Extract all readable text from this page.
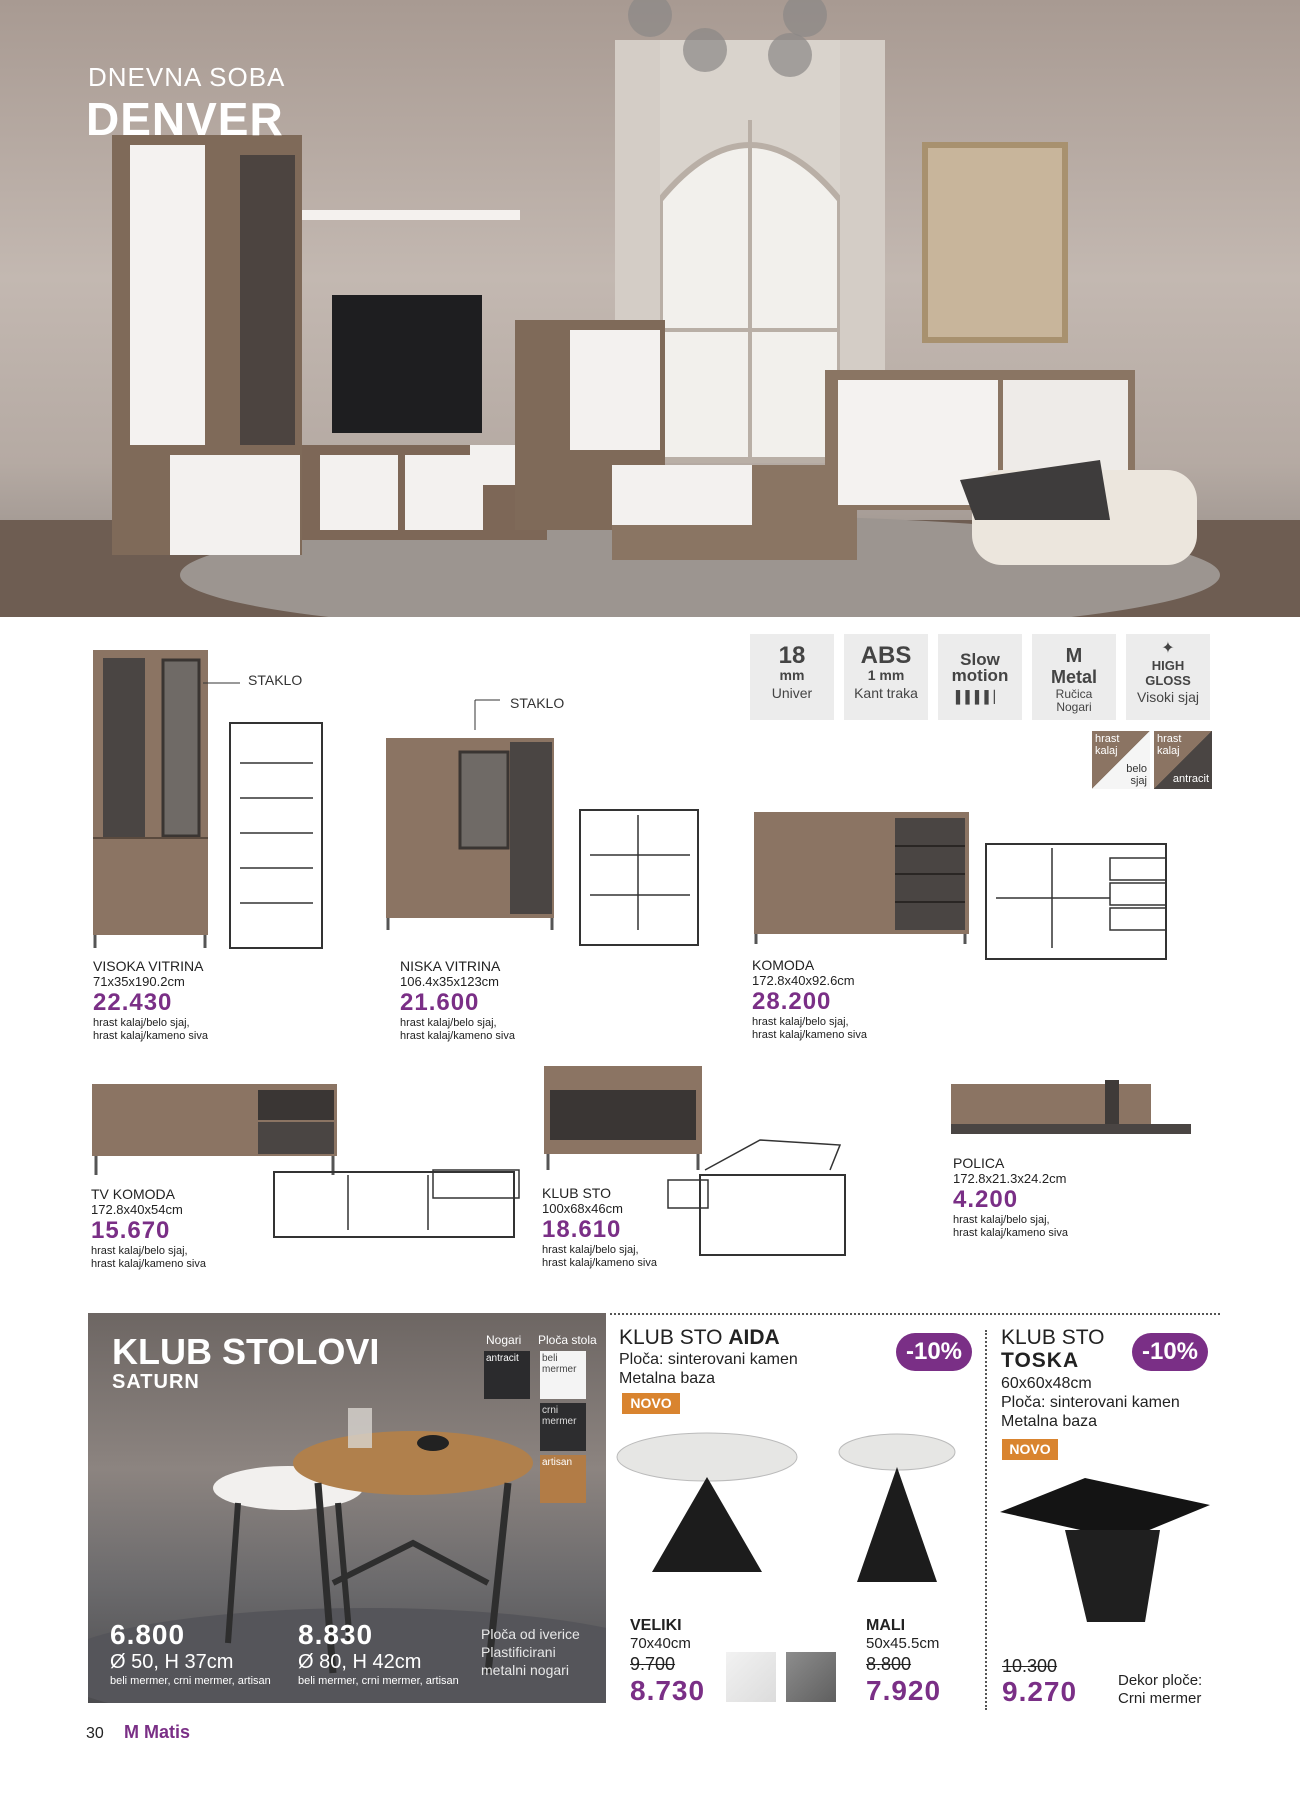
DNEVNA SOBA
DENVER
18
mm
Univer
ABS
1 mm
Kant traka
Slow
motion
▌▌▌▌▏
M
Metal
Ručica Nogari
✦
HIGH GLOSS
Visoki sjaj
hrast kalaj
belo sjaj
hrast kalaj
antracit
STAKLO
STAKLO
VISOKA VITRINA
71x35x190.2cm
22.430
hrast kalaj/belo sjaj,
hrast kalaj/kameno siva
NISKA VITRINA
106.4x35x123cm
21.600
hrast kalaj/belo sjaj,
hrast kalaj/kameno siva
KOMODA
172.8x40x92.6cm
28.200
hrast kalaj/belo sjaj,
hrast kalaj/kameno siva
TV KOMODA
172.8x40x54cm
15.670
hrast kalaj/belo sjaj,
hrast kalaj/kameno siva
KLUB STO
100x68x46cm
18.610
hrast kalaj/belo sjaj,
hrast kalaj/kameno siva
POLICA
172.8x21.3x24.2cm
4.200
hrast kalaj/belo sjaj,
hrast kalaj/kameno siva
KLUB STOLOVI
SATURN
Nogari Ploča stola
antracit	beli mermer
crni mermer
artisan
6.800
Ø 50, H 37cm
beli mermer, crni mermer, artisan
8.830
Ø 80, H 42cm
beli mermer, crni mermer, artisan
Ploča od iverice
Plastificirani
metalni nogari
KLUB STO AIDA
Ploča: sinterovani kamen
Metalna baza
NOVO
-10%
VELIKI
70x40cm
9.700
8.730
MALI
50x45.5cm
8.800
7.920
KLUB STO
TOSKA
60x60x48cm
Ploča: sinterovani kamen
Metalna baza
NOVO
-10%
10.300
9.270	Dekor ploče:
Crni mermer
30 M Matis
